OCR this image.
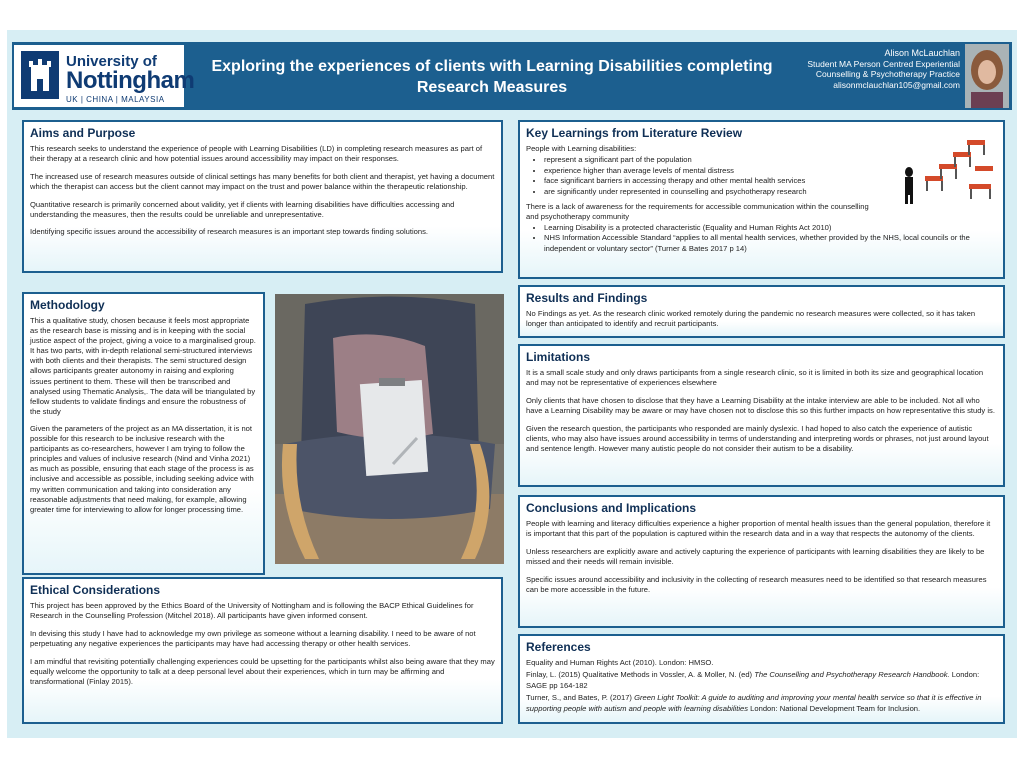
University of
Nottingham
UK | CHINA | MALAYSIA
Exploring the experiences of clients with Learning Disabilities completing Research Measures
Alison McLauchlan
Student MA Person Centred Experiential
Counselling & Psychotherapy Practice
alisonmclauchlan105@gmail.com
Aims and Purpose

This research seeks to understand the experience of people with Learning Disabilities (LD) in completing research measures as part of their therapy at a research clinic and how potential issues around accessibility may impact on their responses.

The increased use of research measures outside of clinical settings has many benefits for both client and therapist, yet having a document which the therapist can access but the client cannot may impact on the trust and power balance within the therapeutic relationship.

Quantitative research is primarily concerned about validity, yet if clients with learning disabilities have difficulties accessing and understanding the measures, then the results could be unreliable and unrepresentative.

Identifying specific issues around the accessibility of research measures is an important step towards finding solutions.

Methodology

This a qualitative study, chosen because it feels most appropriate as the research base is missing and is in keeping with the social justice aspect of the project, giving a voice to a marginalised group. It has two parts, with in-depth relational semi-structured interviews with both clients and their therapists. The semi structured design allows participants greater autonomy in raising and exploring issues pertinent to them. These will then be transcribed and analysed using Thematic Analysis,. The data will be triangulated by fellow students to validate findings and ensure the robustness of the study

Given the parameters of the project as an MA dissertation, it is not possible for this research to be inclusive research with the participants as co-researchers, however I am trying to follow the principles and values of inclusive research (Nind and Vinha 2021) as much as possible, ensuring that each stage of the process is as inclusive and accessible as possible, including seeking advice with my written communication and taking into consideration any reasonable adjustments that need making, for example, allowing greater time for interviewing to allow for longer processing time.

Ethical Considerations

This project has been approved by the Ethics Board of the University of Nottingham and is following the BACP Ethical Guidelines for Research in the Counselling Profession (Mitchel 2018). All participants have given informed consent.

In devising this study I have had to acknowledge my own privilege as someone without a learning disability. I need to be aware of not perpetuating any negative experiences the participants may have had accessing therapy or other health services.

I am mindful that revisiting potentially challenging experiences could be upsetting for the participants whilst also being aware that they may equally welcome the opportunity to talk at a deep personal level about their experiences, which in turn may be affirming and transformational (Finlay 2015).

Key Learnings from Literature Review

People with Learning disabilities:

• represent a significant part of the population
• experience higher than average levels of mental distress
• face significant barriers in accessing therapy and other mental health services
• are significantly under represented in counselling and psychotherapy research

There is a lack of awareness for the requirements for accessible communication within the counselling and psychotherapy community

• Learning Disability is a protected characteristic (Equality and Human Rights Act 2010)
• NHS Information Accessible Standard “applies to all mental health services, whether provided by the NHS, local councils or the independent or voluntary sector” (Turner & Bates 2017 p 14)
Results and Findings

No Findings as yet. As the research clinic worked remotely during the pandemic no research measures were collected, so it has taken longer than anticipated to identify and recruit participants.

Limitations

It is a small scale study and only draws participants from a single research clinic, so it is limited in both its size and geographical location and may not be representative of experiences elsewhere

Only clients that have chosen to disclose that they have a Learning Disability at the intake interview are able to be included. Not all who have a Learning Disability may be aware or may have chosen not to disclose this so this further impacts on how representative this study is.

Given the research question, the participants who responded are mainly dyslexic. I had hoped to also catch the experience of autistic clients, who may also have issues around accessibility in terms of understanding and interpreting words or phrases, not just around layout and sentence length. However many autistic people do not consider their autism to be a disability.

Conclusions and Implications

People with learning and literacy difficulties experience a higher proportion of mental health issues than the general population, therefore it is important that this part of the population is captured within the research data and in a way that respects the autonomy of the clients.

Unless researchers are explicitly aware and actively capturing the experience of participants with learning disabilities they are likely to be missed and their needs will remain invisible.

Specific issues around accessibility and inclusivity in the collecting of research measures need to be identified so that research measures can be more accessible in the future.

References

Equality and Human Rights Act (2010). London: HMSO.

Finlay, L. (2015) Qualitative Methods in Vossler, A. & Moller, N. (ed) The Counselling and Psychotherapy Research Handbook. London: SAGE pp 164-182

Turner, S., and Bates, P. (2017) Green Light Toolkit: A guide to auditing and improving your mental health service so that it is effective in supporting people with autism and people with learning disabilities London: National Development Team for Inclusion.
